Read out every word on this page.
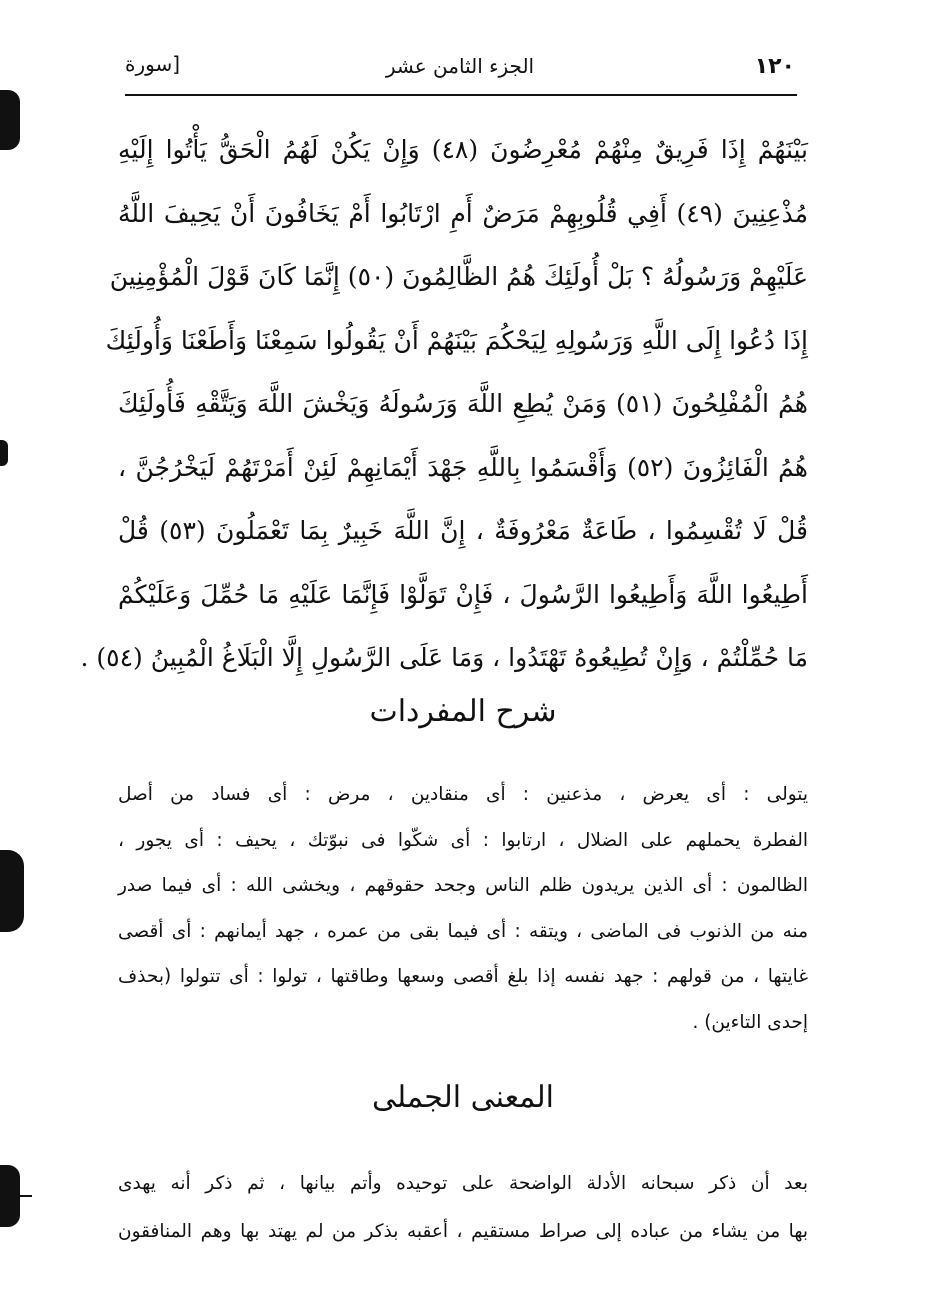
١٢٠
الجزء الثامن عشر
[سورة
بَيْنَهُمْ إِذَا فَرِيقٌ مِنْهُمْ مُعْرِضُونَ (٤٨) وَإِنْ يَكُنْ لَهُمُ الْحَقُّ يَأْتُوا إِلَيْهِ
مُذْعِنِينَ (٤٩) أَفِي قُلُوبِهِمْ مَرَضٌ أَمِ ارْتَابُوا أَمْ يَخَافُونَ أَنْ يَحِيفَ اللَّهُ
عَلَيْهِمْ وَرَسُولُهُ ؟ بَلْ أُولَئِكَ هُمُ الظَّالِمُونَ (٥٠) إِنَّمَا كَانَ قَوْلَ الْمُؤْمِنِينَ
إِذَا دُعُوا إِلَى اللَّهِ وَرَسُولِهِ لِيَحْكُمَ بَيْنَهُمْ أَنْ يَقُولُوا سَمِعْنَا وَأَطَعْنَا وَأُولَئِكَ
هُمُ الْمُفْلِحُونَ (٥١) وَمَنْ يُطِعِ اللَّهَ وَرَسُولَهُ وَيَخْشَ اللَّهَ وَيَتَّقْهِ فَأُولَئِكَ
هُمُ الْفَائِزُونَ (٥٢) وَأَقْسَمُوا بِاللَّهِ جَهْدَ أَيْمَانِهِمْ لَئِنْ أَمَرْتَهُمْ لَيَخْرُجُنَّ ،
قُلْ لَا تُقْسِمُوا ، طَاعَةٌ مَعْرُوفَةٌ ، إِنَّ اللَّهَ خَبِيرٌ بِمَا تَعْمَلُونَ (٥٣) قُلْ
أَطِيعُوا اللَّهَ وَأَطِيعُوا الرَّسُولَ ، فَإِنْ تَوَلَّوْا فَإِنَّمَا عَلَيْهِ مَا حُمِّلَ وَعَلَيْكُمْ
مَا حُمِّلْتُمْ ، وَإِنْ تُطِيعُوهُ تَهْتَدُوا ، وَمَا عَلَى الرَّسُولِ إِلَّا الْبَلَاغُ الْمُبِينُ (٥٤) .
شرح المفردات
يتولى : أى يعرض ، مذعنين : أى منقادين ، مرض : أى فساد من أصل
الفطرة يحملهم على الضلال ، ارتابوا : أى شكّوا فى نبوّتك ، يحيف : أى يجور ،
الظالمون : أى الذين يريدون ظلم الناس وجحد حقوقهم ، ويخشى الله : أى فيما صدر
منه من الذنوب فى الماضى ، ويتقه : أى فيما بقى من عمره ، جهد أيمانهم : أى أقصى
غايتها ، من قولهم : جهد نفسه إذا بلغ أقصى وسعها وطاقتها ، تولوا : أى تتولوا (بحذف
إحدى التاءين) .
المعنى الجملى
بعد أن ذكر سبحانه الأدلة الواضحة على توحيده وأتم بيانها ، ثم ذكر أنه يهدى
بها من يشاء من عباده إلى صراط مستقيم ، أعقبه بذكر من لم يهتد بها وهم المنافقون
